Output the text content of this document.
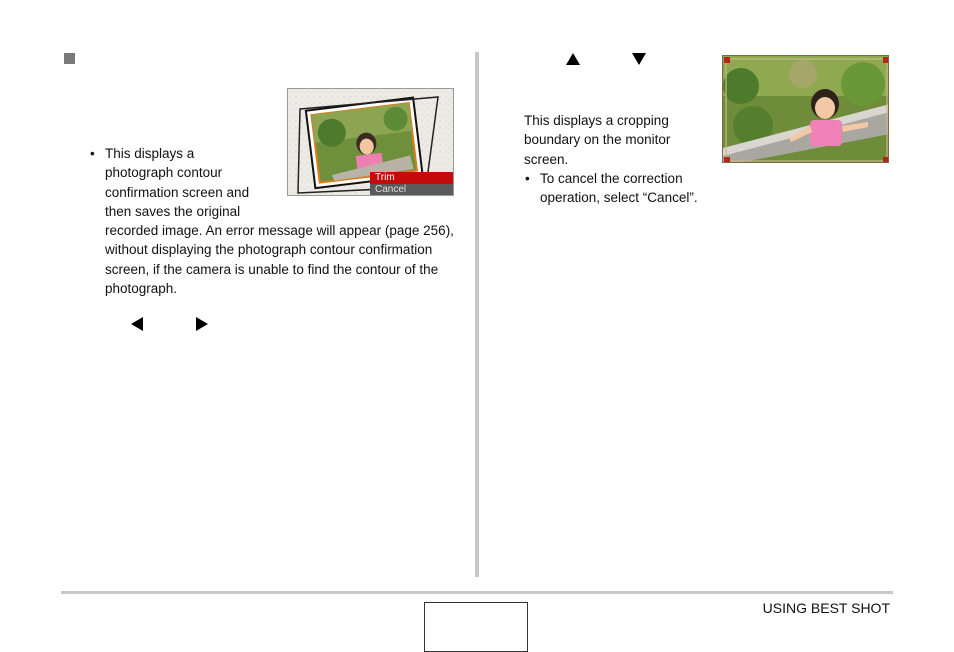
• This displays a photograph contour confirmation screen and then saves the original
recorded image. An error message will appear (page 256), without displaying the photograph contour confirmation screen, if the camera is unable to find the contour of the photograph.
Trim
Cancel
This displays a cropping boundary on the monitor screen.
• To cancel the correction operation, select “Cancel”.
USING BEST SHOT
